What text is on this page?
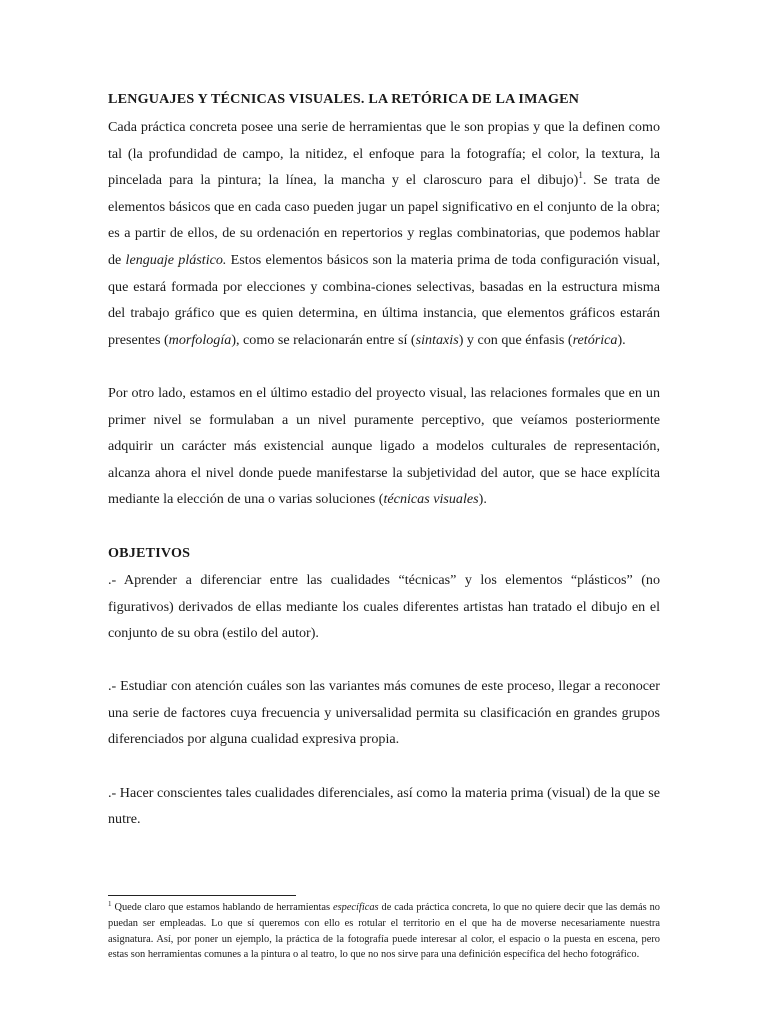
LENGUAJES Y TÉCNICAS VISUALES. LA RETÓRICA DE LA IMAGEN

Cada práctica concreta posee una serie de herramientas que le son propias y que la definen como tal (la profundidad de campo, la nitidez, el enfoque para la fotografía; el color, la textura, la pincelada para la pintura; la línea, la mancha y el claroscuro para el dibujo)$^1$. Se trata de elementos básicos que en cada caso pueden jugar un papel significativo en el conjunto de la obra; es a partir de ellos, de su ordenación en repertorios y reglas combinatorias, que podemos hablar de lenguaje plástico. Estos elementos básicos son la materia prima de toda configuración visual, que estará formada por elecciones y combina-ciones selectivas, basadas en la estructura misma del trabajo gráfico que es quien determina, en última instancia, que elementos gráficos estarán presentes (morfología), como se relacionarán entre sí (sintaxis) y con que énfasis (retórica).

Por otro lado, estamos en el último estadio del proyecto visual, las relaciones formales que en un primer nivel se formulaban a un nivel puramente perceptivo, que veíamos posteriormente adquirir un carácter más existencial aunque ligado a modelos culturales de representación, alcanza ahora el nivel donde puede manifestarse la subjetividad del autor, que se hace explícita mediante la elección de una o varias soluciones (técnicas visuales).

OBJETIVOS

.- Aprender a diferenciar entre las cualidades “técnicas” y los elementos “plásticos” (no figurativos) derivados de ellas mediante los cuales diferentes artistas han tratado el dibujo en el conjunto de su obra (estilo del autor).

.- Estudiar con atención cuáles son las variantes más comunes de este proceso, llegar a reconocer una serie de factores cuya frecuencia y universalidad permita su clasificación en grandes grupos diferenciados por alguna cualidad expresiva propia.

.- Hacer conscientes tales cualidades diferenciales, así como la materia prima (visual) de la que se nutre.

$^1$ Quede claro que estamos hablando de herramientas específicas de cada práctica concreta, lo que no quiere decir que las demás no puedan ser empleadas. Lo que sí queremos con ello es rotular el territorio en el que ha de moverse necesariamente nuestra asignatura. Así, por poner un ejemplo, la práctica de la fotografía puede interesar al color, el espacio o la puesta en escena, pero estas son herramientas comunes a la pintura o al teatro, lo que no nos sirve para una definición específica del hecho fotográfico.
